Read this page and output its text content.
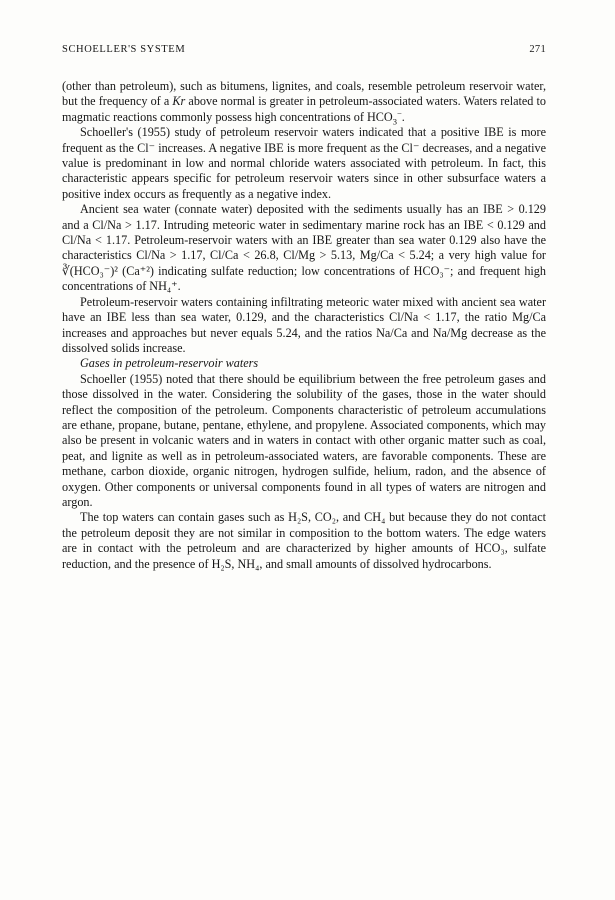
SCHOELLER'S SYSTEM	271

(other than petroleum), such as bitumens, lignites, and coals, resemble petroleum reservoir water, but the frequency of a Kr above normal is greater in petroleum-associated waters. Waters related to magmatic reactions commonly possess high concentrations of $HCO_3^-$.

Schoeller's (1955) study of petroleum reservoir waters indicated that a positive IBE is more frequent as the Cl⁻ increases. A negative IBE is more frequent as the Cl⁻ decreases, and a negative value is predominant in low and normal chloride waters associated with petroleum. In fact, this characteristic appears specific for petroleum reservoir waters since in other subsurface waters a positive index occurs as frequently as a negative index.

Ancient sea water (connate water) deposited with the sediments usually has an IBE > 0.129 and a Cl/Na > 1.17. Intruding meteoric water in sedimentary marine rock has an IBE < 0.129 and Cl/Na < 1.17. Petroleum-reservoir waters with an IBE greater than sea water 0.129 also have the characteristics Cl/Na > 1.17, Cl/Ca < 26.8, Cl/Mg > 5.13, Mg/Ca < 5.24; a very high value for ∛(HCO₃⁻)² (Ca⁺²) indicating sulfate reduction; low concentrations of HCO₃⁻; and frequent high concentrations of NH₄⁺.

Petroleum-reservoir waters containing infiltrating meteoric water mixed with ancient sea water have an IBE less than sea water, 0.129, and the characteristics Cl/Na < 1.17, the ratio Mg/Ca increases and approaches but never equals 5.24, and the ratios Na/Ca and Na/Mg decrease as the dissolved solids increase.

Gases in petroleum-reservoir waters

Schoeller (1955) noted that there should be equilibrium between the free petroleum gases and those dissolved in the water. Considering the solubility of the gases, those in the water should reflect the composition of the petroleum. Components characteristic of petroleum accumulations are ethane, propane, butane, pentane, ethylene, and propylene. Associated components, which may also be present in volcanic waters and in waters in contact with other organic matter such as coal, peat, and lignite as well as in petroleum-associated waters, are favorable components. These are methane, carbon dioxide, organic nitrogen, hydrogen sulfide, helium, radon, and the absence of oxygen. Other components or universal components found in all types of waters are nitrogen and argon.

The top waters can contain gases such as H₂S, CO₂, and CH₄ but because they do not contact the petroleum deposit they are not similar in composition to the bottom waters. The edge waters are in contact with the petroleum and are characterized by higher amounts of HCO₃, sulfate reduction, and the presence of H₂S, NH₄, and small amounts of dissolved hydrocarbons.
